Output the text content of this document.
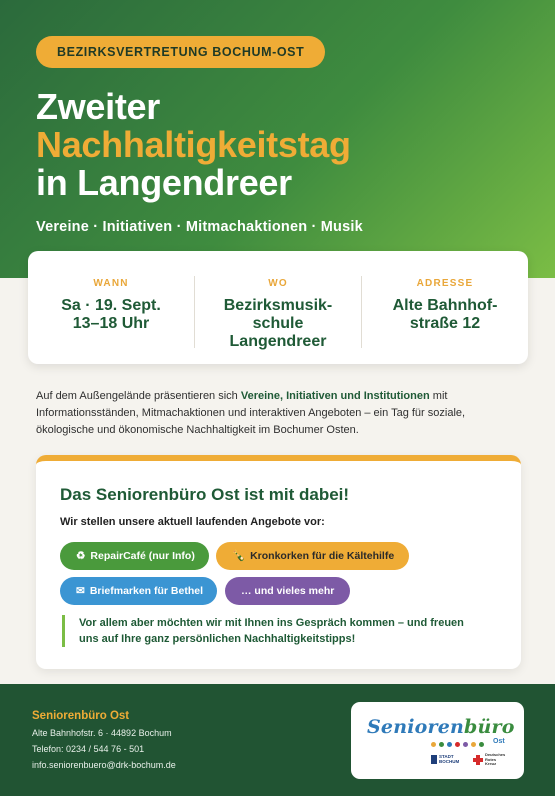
BEZIRKSVERTRETUNG BOCHUM-OST
Zweiter
Nachhaltigkeitstag
in Langendreer
Vereine · Initiativen · Mitmachaktionen · Musik
WANN
Sa · 19. Sept.
13–18 Uhr
WO
Bezirksmusik-
schule
Langendreer
ADRESSE
Alte Bahnhof-
straße 12

Auf dem Außengelände präsentieren sich Vereine, Initiativen und Institutionen mit Informationsständen, Mitmachaktionen und interaktiven Angeboten – ein Tag für soziale, ökologische und ökonomische Nachhaltigkeit im Bochumer Osten.

Das Seniorenbüro Ost ist mit dabei!
Wir stellen unsere aktuell laufenden Angebote vor:
♻ RepairCafé (nur Info)	🍾 Kronkorken für die Kältehilfe
✉ Briefmarken für Bethel	… und vieles mehr
Vor allem aber möchten wir mit Ihnen ins Gespräch kommen – und freuen uns auf Ihre ganz persönlichen Nachhaltigkeitstipps!
Seniorenbüro Ost
Alte Bahnhofstr. 6 · 44892 Bochum
Telefon: 0234 / 544 76 - 501
info.seniorenbuero@drk-bochum.de
Seniorenbüro
Ost
STADT
BOCHUM
Deutsches
Rotes
Kreuz
